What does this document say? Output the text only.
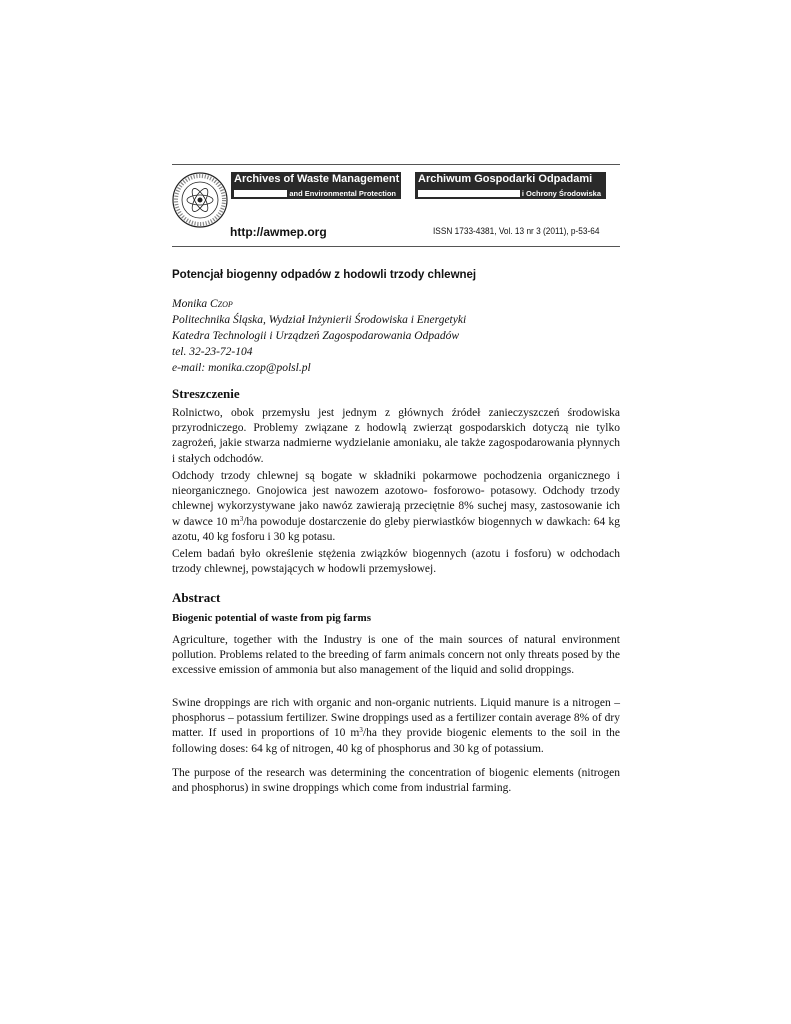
Archives of Waste Management
and Environmental Protection
Archiwum Gospodarki Odpadami
i Ochrony Środowiska
http://awmep.org	ISSN 1733-4381, Vol. 13 nr 3 (2011), p-53-64
Potencjał biogenny odpadów z hodowli trzody chlewnej
Monika Czop
Politechnika Śląska, Wydział Inżynierii Środowiska i Energetyki
Katedra Technologii i Urządzeń Zagospodarowania Odpadów
tel. 32-23-72-104
e-mail: monika.czop@polsl.pl
Streszczenie

Rolnictwo, obok przemysłu jest jednym z głównych źródeł zanieczyszczeń środowiska przyrodniczego. Problemy związane z hodowlą zwierząt gospodarskich dotyczą nie tylko zagrożeń, jakie stwarza nadmierne wydzielanie amoniaku, ale także zagospodarowania płynnych i stałych odchodów.

Odchody trzody chlewnej są bogate w składniki pokarmowe pochodzenia organicznego i nieorganicznego. Gnojowica jest nawozem azotowo- fosforowo- potasowy. Odchody trzody chlewnej wykorzystywane jako nawóz zawierają przeciętnie 8% suchej masy, zastosowanie ich w dawce 10 $m^3/ha$ powoduje dostarczenie do gleby pierwiastków biogennych w dawkach: 64 kg azotu, 40 kg fosforu i 30 kg potasu.

Celem badań było określenie stężenia związków biogennych (azotu i fosforu) w odchodach trzody chlewnej, powstających w hodowli przemysłowej.

Abstract
Biogenic potential of waste from pig farms

Agriculture, together with the Industry is one of the main sources of natural environment pollution. Problems related to the breeding of farm animals concern not only threats posed by the excessive emission of ammonia but also management of the liquid and solid droppings.

Swine droppings are rich with organic and non-organic nutrients. Liquid manure is a nitrogen – phosphorus – potassium fertilizer. Swine droppings used as a fertilizer contain average 8% of dry matter. If used in proportions of 10 $m^3/ha$ they provide biogenic elements to the soil in the following doses: 64 kg of nitrogen, 40 kg of phosphorus and 30 kg of potassium.

The purpose of the research was determining the concentration of biogenic elements (nitrogen and phosphorus) in swine droppings which come from industrial farming.
